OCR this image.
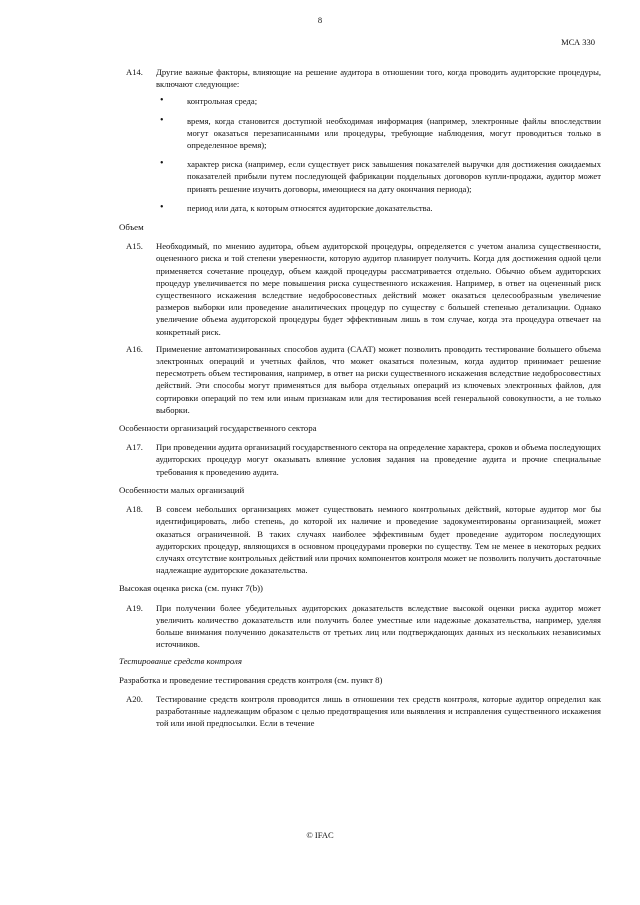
8
МСА 330
A14. Другие важные факторы, влияющие на решение аудитора в отношении того, когда проводить аудиторские процедуры, включают следующие:
•	контрольная среда;
•	время, когда становится доступной необходимая информация (например, электронные файлы впоследствии могут оказаться перезаписанными или процедуры, требующие наблюдения, могут проводиться только в определенное время);
•	характер риска (например, если существует риск завышения показателей выручки для достижения ожидаемых показателей прибыли путем последующей фабрикации поддельных договоров купли-продажи, аудитор может принять решение изучить договоры, имеющиеся на дату окончания периода);
•	период или дата, к которым относятся аудиторские доказательства.
Объем
A15. Необходимый, по мнению аудитора, объем аудиторской процедуры, определяется с учетом анализа существенности, оцененного риска и той степени уверенности, которую аудитор планирует получить. Когда для достижения одной цели применяется сочетание процедур, объем каждой процедуры рассматривается отдельно. Обычно объем аудиторских процедур увеличивается по мере повышения риска существенного искажения. Например, в ответ на оцененный риск существенного искажения вследствие недобросовестных действий может оказаться целесообразным увеличение размеров выборки или проведение аналитических процедур по существу с большей степенью детализации. Однако увеличение объема аудиторской процедуры будет эффективным лишь в том случае, когда эта процедура отвечает на конкретный риск.
A16. Применение автоматизированных способов аудита (CAAT) может позволить проводить тестирование большего объема электронных операций и учетных файлов, что может оказаться полезным, когда аудитор принимает решение пересмотреть объем тестирования, например, в ответ на риски существенного искажения вследствие недобросовестных действий. Эти способы могут применяться для выбора отдельных операций из ключевых электронных файлов, для сортировки операций по тем или иным признакам или для тестирования всей генеральной совокупности, а не только выборки.
Особенности организаций государственного сектора
A17. При проведении аудита организаций государственного сектора на определение характера, сроков и объема последующих аудиторских процедур могут оказывать влияние условия задания на проведение аудита и прочие специальные требования к проведению аудита.
Особенности малых организаций
A18. В совсем небольших организациях может существовать немного контрольных действий, которые аудитор мог бы идентифицировать, либо степень, до которой их наличие и проведение задокументированы организацией, может оказаться ограниченной. В таких случаях наиболее эффективным будет проведение аудитором последующих аудиторских процедур, являющихся в основном процедурами проверки по существу. Тем не менее в некоторых редких случаях отсутствие контрольных действий или прочих компонентов контроля может не позволить получить достаточные надлежащие аудиторские доказательства.
Высокая оценка риска (см. пункт 7(b))
A19. При получении более убедительных аудиторских доказательств вследствие высокой оценки риска аудитор может увеличить количество доказательств или получить более уместные или надежные доказательства, например, уделяя больше внимания получению доказательств от третьих лиц или подтверждающих данных из нескольких независимых источников.
Тестирование средств контроля
Разработка и проведение тестирования средств контроля (см. пункт 8)
A20. Тестирование средств контроля проводится лишь в отношении тех средств контроля, которые аудитор определил как разработанные надлежащим образом с целью предотвращения или выявления и исправления существенного искажения той или иной предпосылки. Если в течение
© IFAC
